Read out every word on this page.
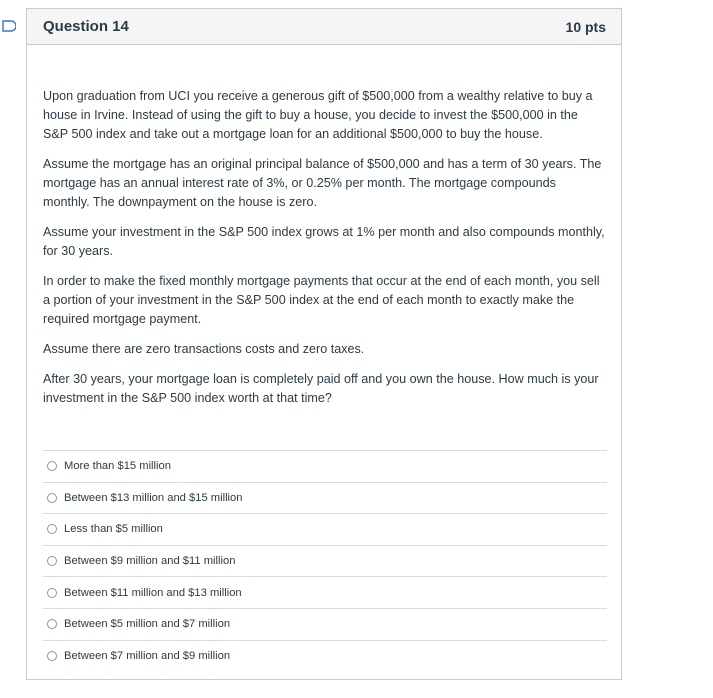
Question 14	10 pts

Upon graduation from UCI you receive a generous gift of $500,000 from a wealthy relative to buy a house in Irvine. Instead of using the gift to buy a house, you decide to invest the $500,000 in the S&P 500 index and take out a mortgage loan for an additional $500,000 to buy the house.

Assume the mortgage has an original principal balance of $500,000 and has a term of 30 years. The mortgage has an annual interest rate of 3%, or 0.25% per month. The mortgage compounds monthly. The downpayment on the house is zero.

Assume your investment in the S&P 500 index grows at 1% per month and also compounds monthly, for 30 years.

In order to make the fixed monthly mortgage payments that occur at the end of each month, you sell a portion of your investment in the S&P 500 index at the end of each month to exactly make the required mortgage payment.

Assume there are zero transactions costs and zero taxes.

After 30 years, your mortgage loan is completely paid off and you own the house. How much is your investment in the S&P 500 index worth at that time?

More than $15 million
Between $13 million and $15 million
Less than $5 million
Between $9 million and $11 million
Between $11 million and $13 million
Between $5 million and $7 million
Between $7 million and $9 million
